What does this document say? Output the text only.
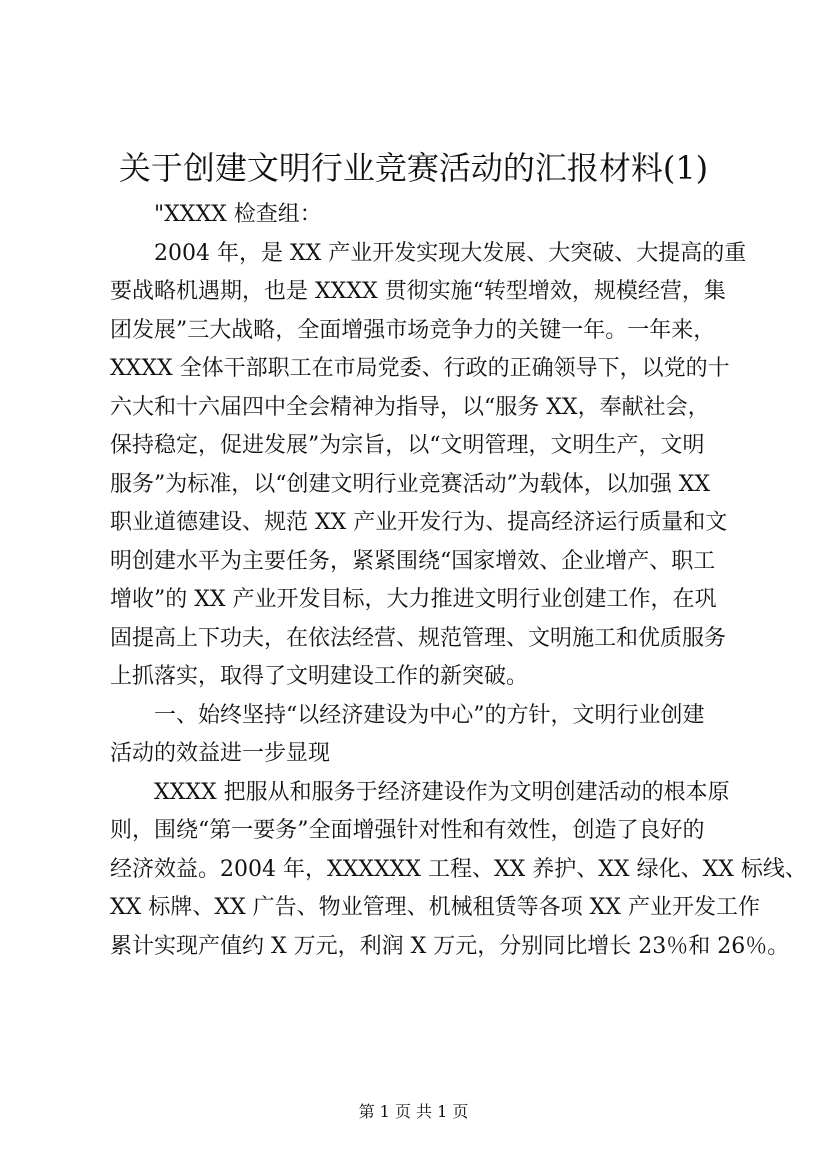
关于创建文明行业竞赛活动的汇报材料(1)

"XXXX 检查组：

2004 年，是 XX 产业开发实现大发展、大突破、大提高的重

要战略机遇期，也是 XXXX 贯彻实施“转型增效，规模经营，集

团发展”三大战略，全面增强市场竞争力的关键一年。一年来，

XXXX 全体干部职工在市局党委、行政的正确领导下，以党的十

六大和十六届四中全会精神为指导，以“服务 XX，奉献社会，

保持稳定，促进发展”为宗旨，以“文明管理，文明生产，文明

服务”为标准，以“创建文明行业竞赛活动”为载体，以加强 XX

职业道德建设、规范 XX 产业开发行为、提高经济运行质量和文

明创建水平为主要任务，紧紧围绕“国家增效、企业增产、职工

增收”的 XX 产业开发目标，大力推进文明行业创建工作，在巩

固提高上下功夫，在依法经营、规范管理、文明施工和优质服务

上抓落实，取得了文明建设工作的新突破。

一、始终坚持“以经济建设为中心”的方针，文明行业创建

活动的效益进一步显现

XXXX 把服从和服务于经济建设作为文明创建活动的根本原

则，围绕“第一要务”全面增强针对性和有效性，创造了良好的

经济效益。2004 年，XXXXXX 工程、XX 养护、XX 绿化、XX 标线、

XX 标牌、XX 广告、物业管理、机械租赁等各项 XX 产业开发工作

累计实现产值约 X 万元，利润 X 万元，分别同比增长 23％和 26％。

第 1 页 共 1 页
